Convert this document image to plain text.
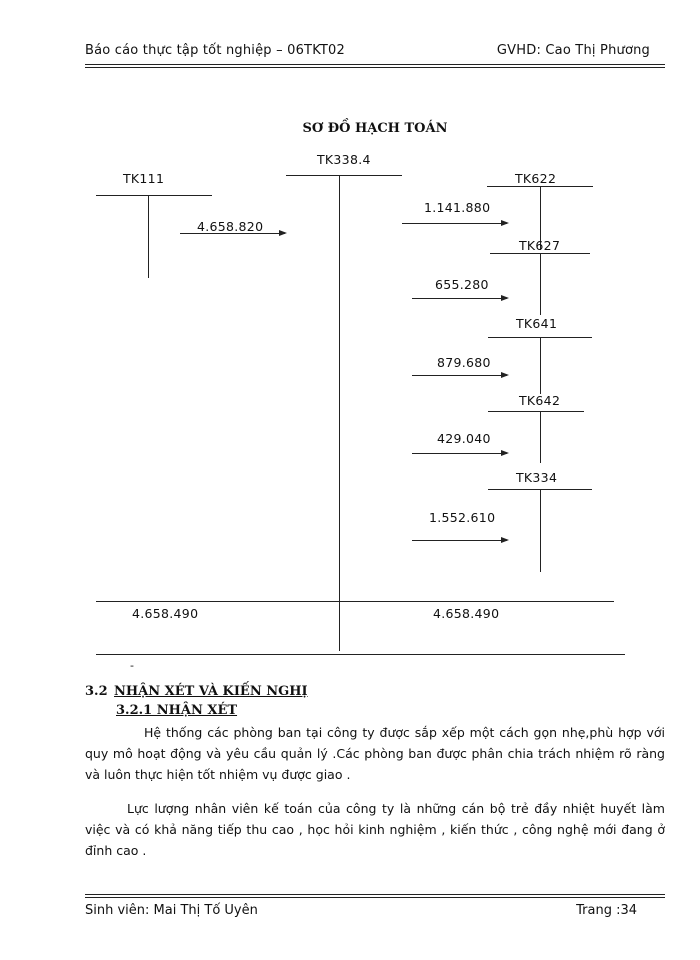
Báo cáo thực tập tốt nghiệp – 06TKT02	GVHD: Cao Thị Phương
SƠ ĐỒ HẠCH TOÁN
TK111
4.658.820
TK338.4
TK622
1.141.880
TK627
655.280
TK641
879.680
TK642
429.040
TK334
1.552.610
4.658.490	4.658.490
-
3.2 NHẬN XÉT VÀ KIẾN NGHỊ
3.2.1 NHẬN XÉT
Hệ thống các phòng ban tại công ty được sắp xếp một cách gọn nhẹ,phù hợp với quy mô hoạt động và yêu cầu quản lý .Các phòng ban được phân chia trách nhiệm rõ ràng và luôn thực hiện tốt nhiệm vụ được giao .
Lực lượng nhân viên kế toán của công ty là những cán bộ trẻ đầy nhiệt huyết làm việc và có khả năng tiếp thu cao , học hỏi kinh nghiệm , kiến thức , công nghệ mới đang ở đỉnh cao .
Sinh viên: Mai Thị Tố Uyên	Trang :34
